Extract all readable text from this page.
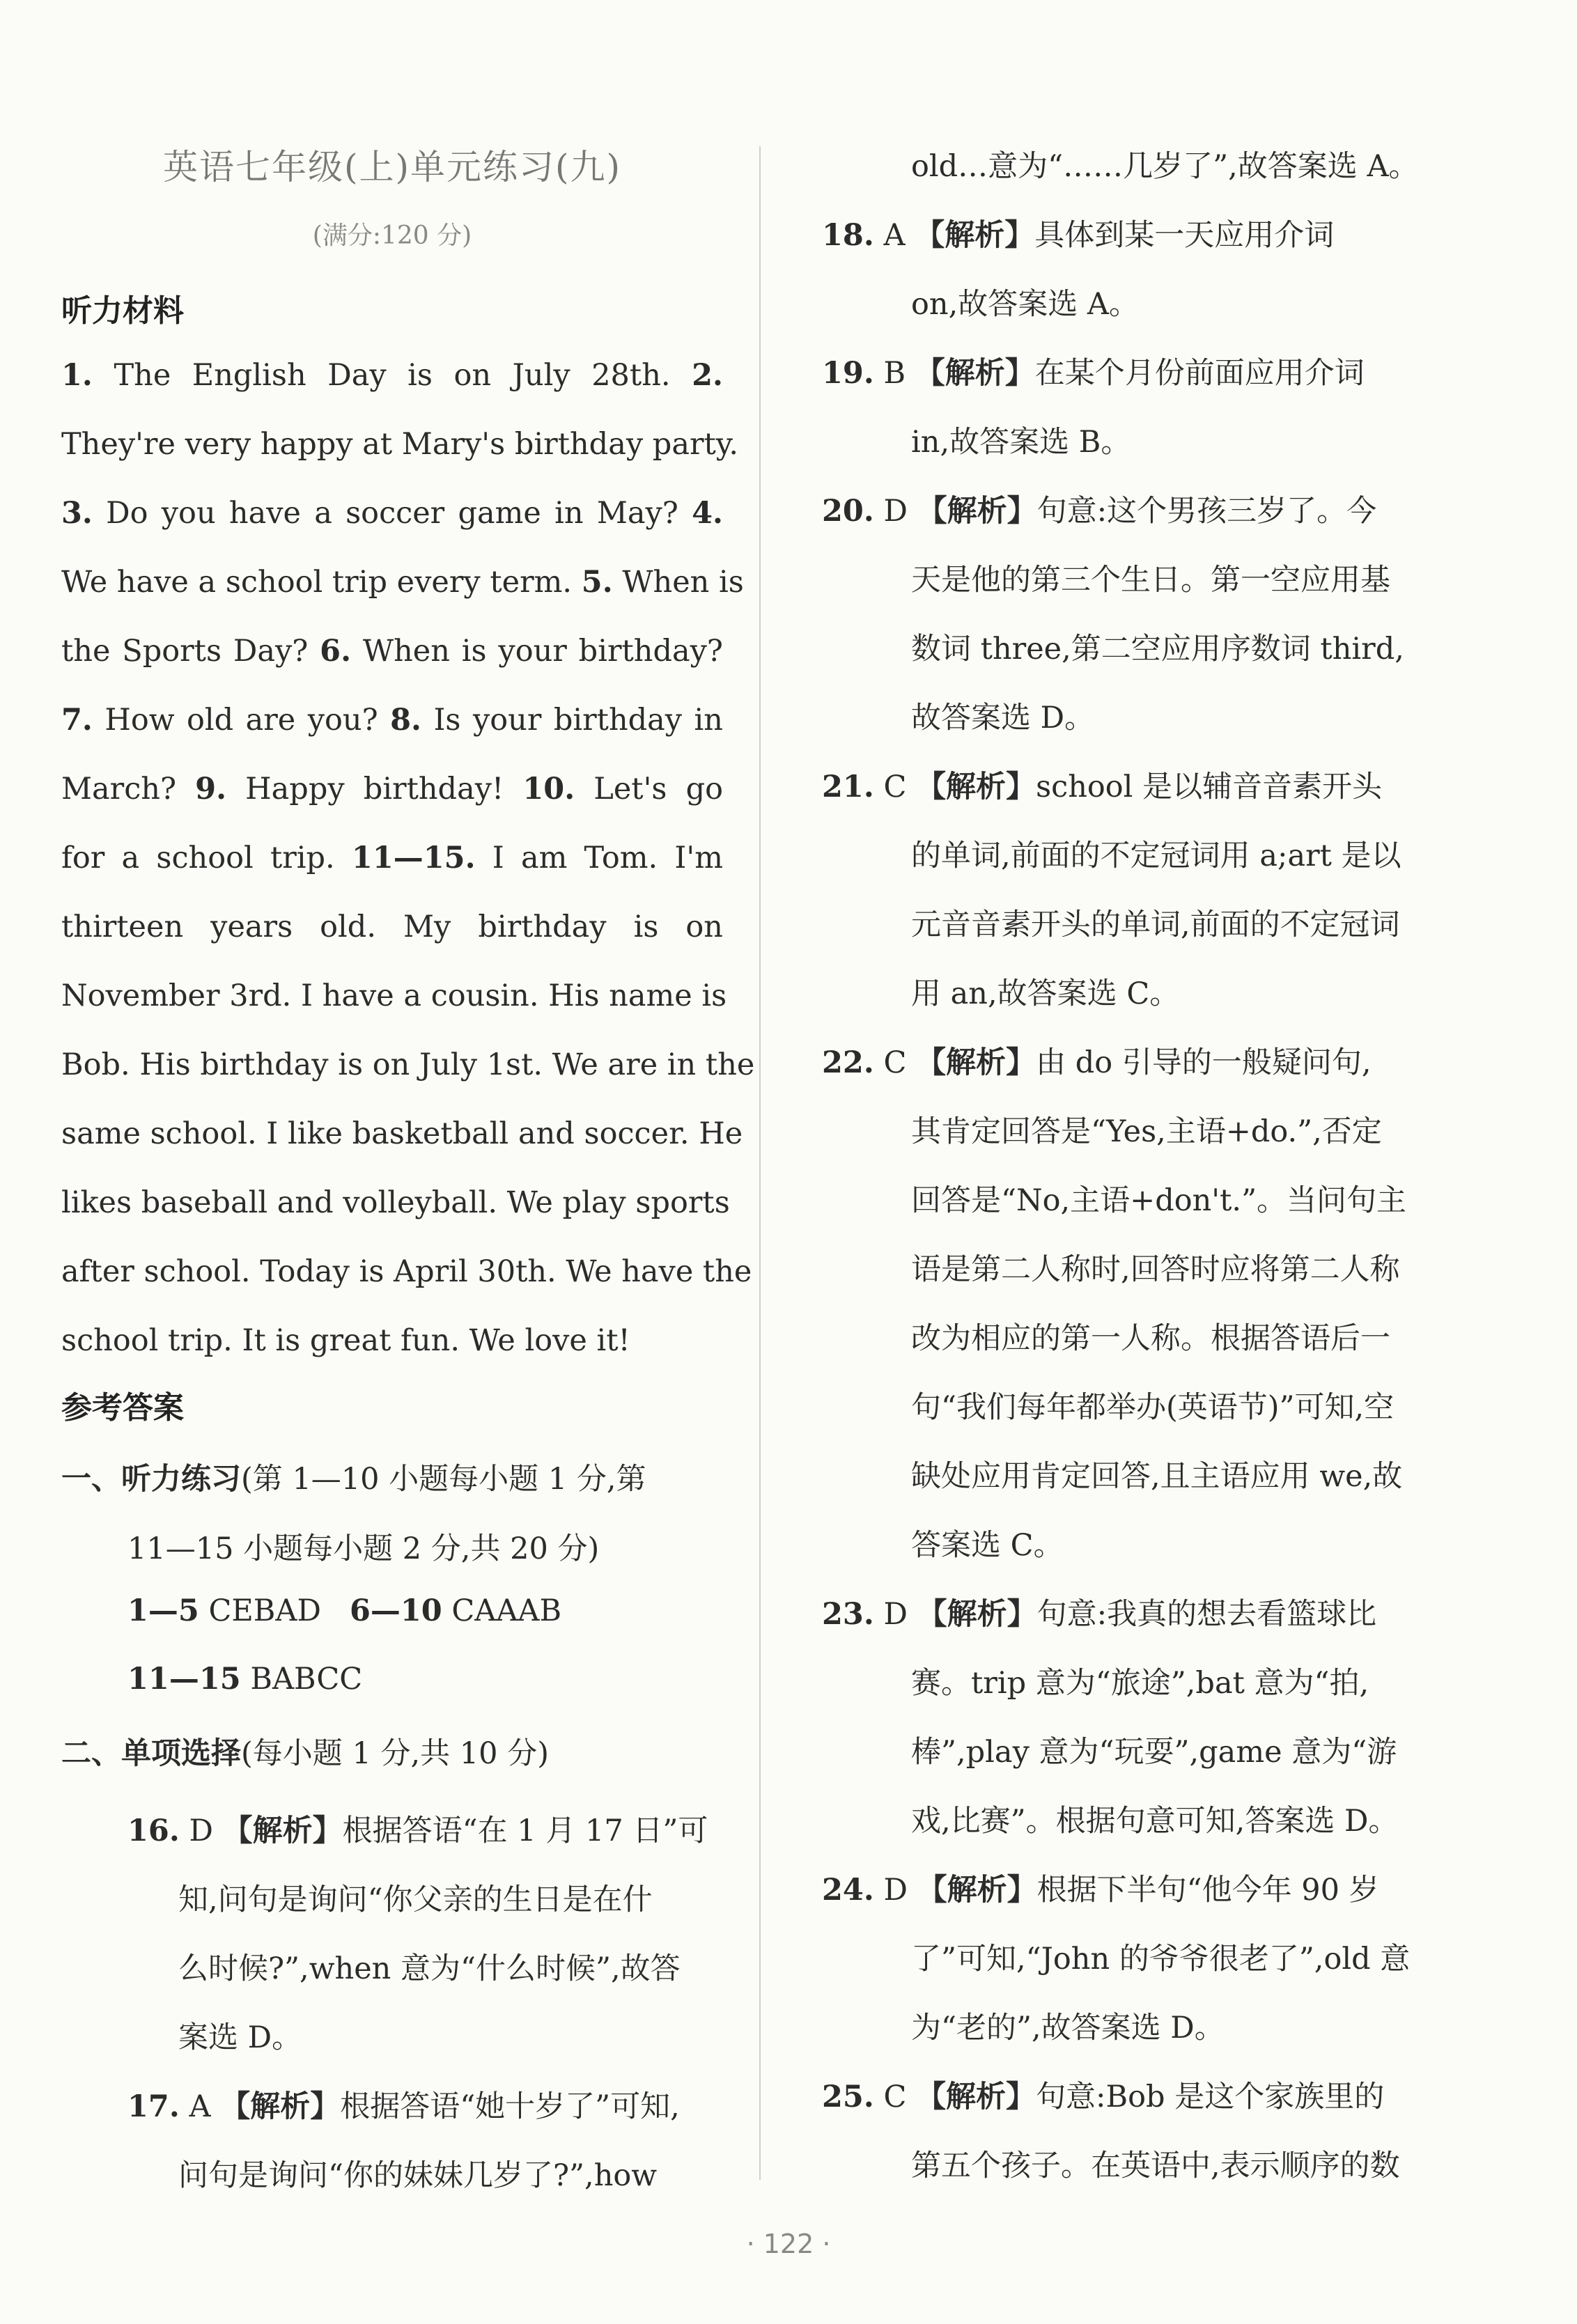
英语七年级(上)单元练习(九)
(满分:120 分)
听力材料
1. The English Day is on July 28th. 2.
They're very happy at Mary's birthday party.
3. Do you have a soccer game in May? 4.
We have a school trip every term. 5. When is
the Sports Day? 6. When is your birthday?
7. How old are you? 8. Is your birthday in
March? 9. Happy birthday! 10. Let's go
for a school trip. 11—15. I am Tom. I'm
thirteen years old. My birthday is on
November 3rd. I have a cousin. His name is
Bob. His birthday is on July 1st. We are in the
same school. I like basketball and soccer. He
likes baseball and volleyball. We play sports
after school. Today is April 30th. We have the
school trip. It is great fun. We love it!
参考答案
一、听力练习(第 1—10 小题每小题 1 分,第
11—15 小题每小题 2 分,共 20 分)
1—5 CEBAD 6—10 CAAAB
11—15 BABCC
二、单项选择(每小题 1 分,共 10 分)
16. D 【解析】根据答语“在 1 月 17 日”可
知,问句是询问“你父亲的生日是在什
么时候?”,when 意为“什么时候”,故答
案选 D。
17. A 【解析】根据答语“她十岁了”可知,
问句是询问“你的妹妹几岁了?”,how
old…意为“……几岁了”,故答案选 A。
18. A 【解析】具体到某一天应用介词
on,故答案选 A。
19. B 【解析】在某个月份前面应用介词
in,故答案选 B。
20. D 【解析】句意:这个男孩三岁了。今
天是他的第三个生日。第一空应用基
数词 three,第二空应用序数词 third,
故答案选 D。
21. C 【解析】school 是以辅音音素开头
的单词,前面的不定冠词用 a;art 是以
元音音素开头的单词,前面的不定冠词
用 an,故答案选 C。
22. C 【解析】由 do 引导的一般疑问句,
其肯定回答是“Yes,主语+do.”,否定
回答是“No,主语+don't.”。当问句主
语是第二人称时,回答时应将第二人称
改为相应的第一人称。根据答语后一
句“我们每年都举办(英语节)”可知,空
缺处应用肯定回答,且主语应用 we,故
答案选 C。
23. D 【解析】句意:我真的想去看篮球比
赛。trip 意为“旅途”,bat 意为“拍,
棒”,play 意为“玩耍”,game 意为“游
戏,比赛”。根据句意可知,答案选 D。
24. D 【解析】根据下半句“他今年 90 岁
了”可知,“John 的爷爷很老了”,old 意
为“老的”,故答案选 D。
25. C 【解析】句意:Bob 是这个家族里的
第五个孩子。在英语中,表示顺序的数
· 122 ·
